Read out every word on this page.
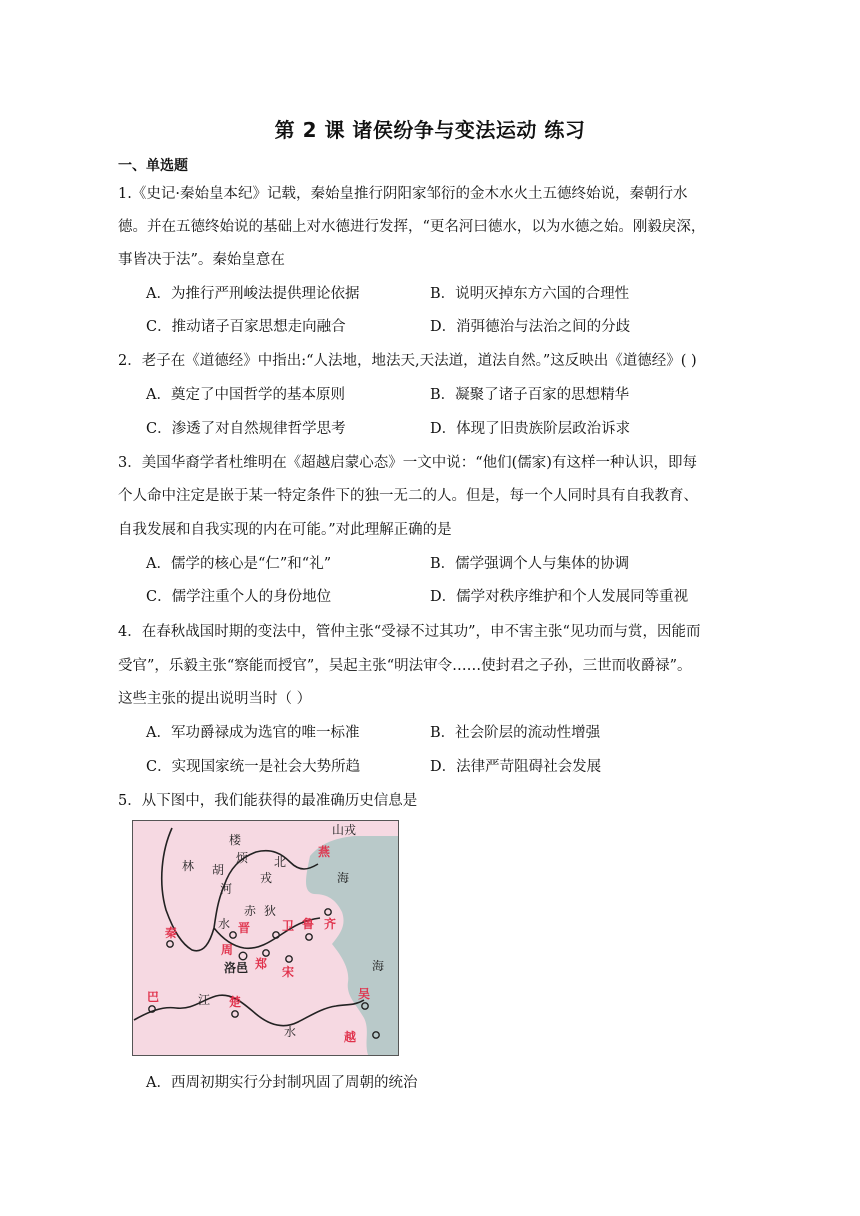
第 2 课 诸侯纷争与变法运动 练习
一、单选题
1.《史记·秦始皇本纪》记载，秦始皇推行阴阳家邹衍的金木水火土五德终始说，秦朝行水
德。并在五德终始说的基础上对水德进行发挥，“更名河曰德水，以为水德之始。刚毅戾深，
事皆决于法”。秦始皇意在
A．为推行严刑峻法提供理论依据	B．说明灭掉东方六国的合理性
C．推动诸子百家思想走向融合	D．消弭德治与法治之间的分歧
2．老子在《道德经》中指出:“人法地，地法天,天法道，道法自然。”这反映出《道德经》( )
A．奠定了中国哲学的基本原则	B．凝聚了诸子百家的思想精华
C．渗透了对自然规律哲学思考	D．体现了旧贵族阶层政治诉求
3．美国华裔学者杜维明在《超越启蒙心态》一文中说：“他们(儒家)有这样一种认识，即每
个人命中注定是嵌于某一特定条件下的独一无二的人。但是，每一个人同时具有自我教育、
自我发展和自我实现的内在可能。”对此理解正确的是
A．儒学的核心是“仁”和“礼”	B．儒学强调个人与集体的协调
C．儒学注重个人的身份地位	D．儒学对秩序维护和个人发展同等重视
4．在春秋战国时期的变法中，管仲主张“受禄不过其功”，申不害主张“见功而与赏，因能而
受官”，乐毅主张“察能而授官”，吴起主张“明法审令……使封君之子孙，三世而收爵禄”。
这些主张的提出说明当时（ ）
A．军功爵禄成为选官的唯一标准	B．社会阶层的流动性增强
C．实现国家统一是社会大势所趋	D．法律严苛阻碍社会发展
5．从下图中，我们能获得的最准确历史信息是
楼
烦
林 胡
北
戎
河
赤 狄
水
山戎
海
海
洛邑
江
水
燕
卫 鲁 齐
晋
秦
周
郑
宋
楚
巴	吴
越
A．西周初期实行分封制巩固了周朝的统治
